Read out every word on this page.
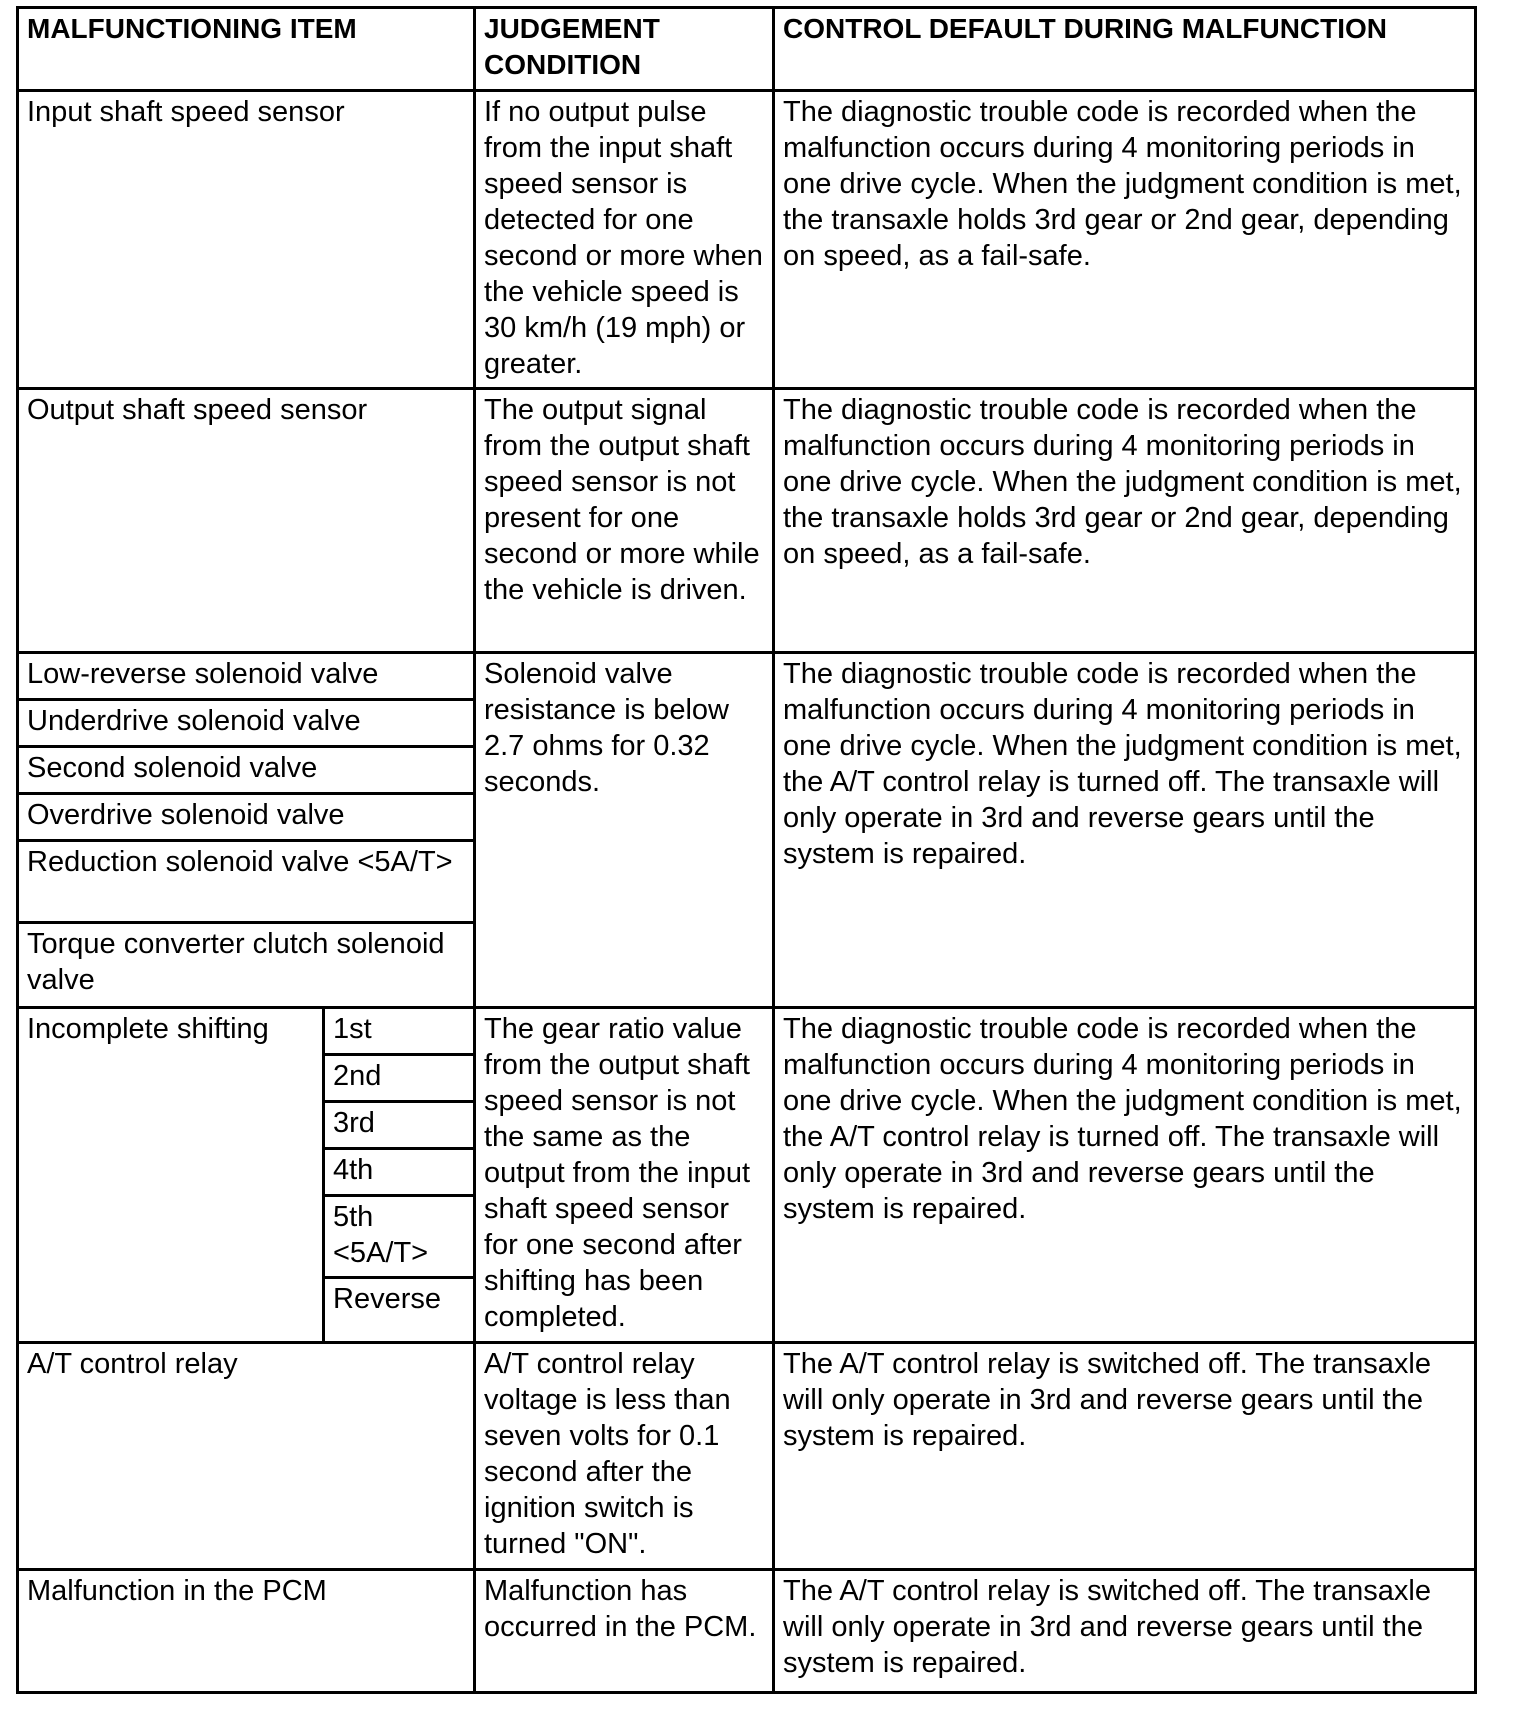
MALFUNCTIONING ITEM		JUDGEMENT CONDITION	CONTROL DEFAULT DURING MALFUNCTION
Input shaft speed sensor		If no output pulse from the input shaft speed sensor is detected for one second or more when the vehicle speed is 30 km/h (19 mph) or greater.	The diagnostic trouble code is recorded when the malfunction occurs during 4 monitoring periods in one drive cycle. When the judgment condition is met, the transaxle holds 3rd gear or 2nd gear, depending on speed, as a fail-safe.
Output shaft speed sensor		The output signal from the output shaft speed sensor is not present for one second or more while the vehicle is driven.	The diagnostic trouble code is recorded when the malfunction occurs during 4 monitoring periods in one drive cycle. When the judgment condition is met, the transaxle holds 3rd gear or 2nd gear, depending on speed, as a fail-safe.
Low-reverse solenoid valve		Solenoid valve resistance is below 2.7 ohms for 0.32 seconds.	The diagnostic trouble code is recorded when the malfunction occurs during 4 monitoring periods in one drive cycle. When the judgment condition is met, the A/T control relay is turned off. The transaxle will only operate in 3rd and reverse gears until the system is repaired.
Underdrive solenoid valve			
Second solenoid valve			
Overdrive solenoid valve			
Reduction solenoid valve <5A/T>			
Torque converter clutch solenoid valve			
Incomplete shifting	1st	The gear ratio value from the output shaft speed sensor is not the same as the output from the input shaft speed sensor for one second after shifting has been completed.	The diagnostic trouble code is recorded when the malfunction occurs during 4 monitoring periods in one drive cycle. When the judgment condition is met, the A/T control relay is turned off. The transaxle will only operate in 3rd and reverse gears until the system is repaired.
	2nd		
	3rd		
	4th		
	5th <5A/T>		
	Reverse		
A/T control relay		A/T control relay voltage is less than seven volts for 0.1 second after the ignition switch is turned "ON".	The A/T control relay is switched off. The transaxle will only operate in 3rd and reverse gears until the system is repaired.
Malfunction in the PCM		Malfunction has occurred in the PCM.	The A/T control relay is switched off. The transaxle will only operate in 3rd and reverse gears until the system is repaired.
